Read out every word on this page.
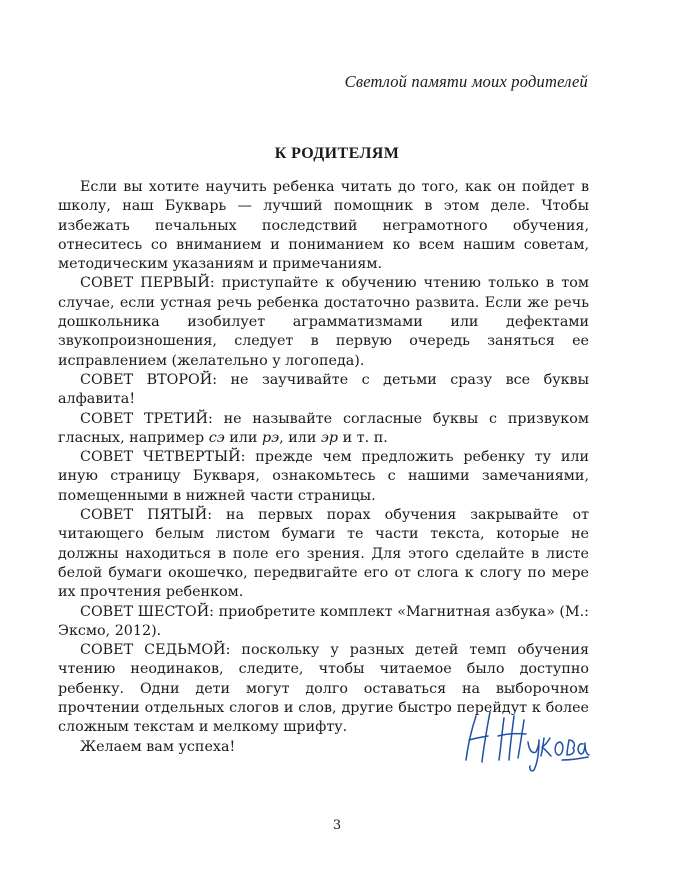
Светлой памяти моих родителей
К РОДИТЕЛЯМ

Если вы хотите научить ребенка читать до того, как он пойдет в школу, наш Букварь — лучший помощник в этом деле. Чтобы избежать печальных последствий неграмотного обучения, отнеситесь со вниманием и пониманием ко всем нашим советам, методическим указаниям и примечаниям.

СОВЕТ ПЕРВЫЙ: приступайте к обучению чтению только в том случае, если устная речь ребенка достаточно развита. Если же речь дошкольника изобилует аграмматизмами или дефектами звукопроизношения, следует в первую очередь заняться ее исправлением (желательно у логопеда).

СОВЕТ ВТОРОЙ: не заучивайте с детьми сразу все буквы алфавита!

СОВЕТ ТРЕТИЙ: не называйте согласные буквы с призвуком гласных, например сэ или рэ, или эр и т. п.

СОВЕТ ЧЕТВЕРТЫЙ: прежде чем предложить ребенку ту или иную страницу Букваря, ознакомьтесь с нашими замечаниями, помещенными в нижней части страницы.

СОВЕТ ПЯТЫЙ: на первых порах обучения закрывайте от читающего белым листом бумаги те части текста, которые не должны находиться в поле его зрения. Для этого сделайте в листе белой бумаги окошечко, передвигайте его от слога к слогу по мере их прочтения ребенком.

СОВЕТ ШЕСТОЙ: приобретите комплект «Магнитная азбука» (М.: Эксмо, 2012).

СОВЕТ СЕДЬМОЙ: поскольку у разных детей темп обучения чтению неодинаков, следите, чтобы читаемое было доступно ребенку. Одни дети могут долго оставаться на выборочном прочтении отдельных слогов и слов, другие быстро перейдут к более сложным текстам и мелкому шрифту.

Желаем вам успеха!

3
